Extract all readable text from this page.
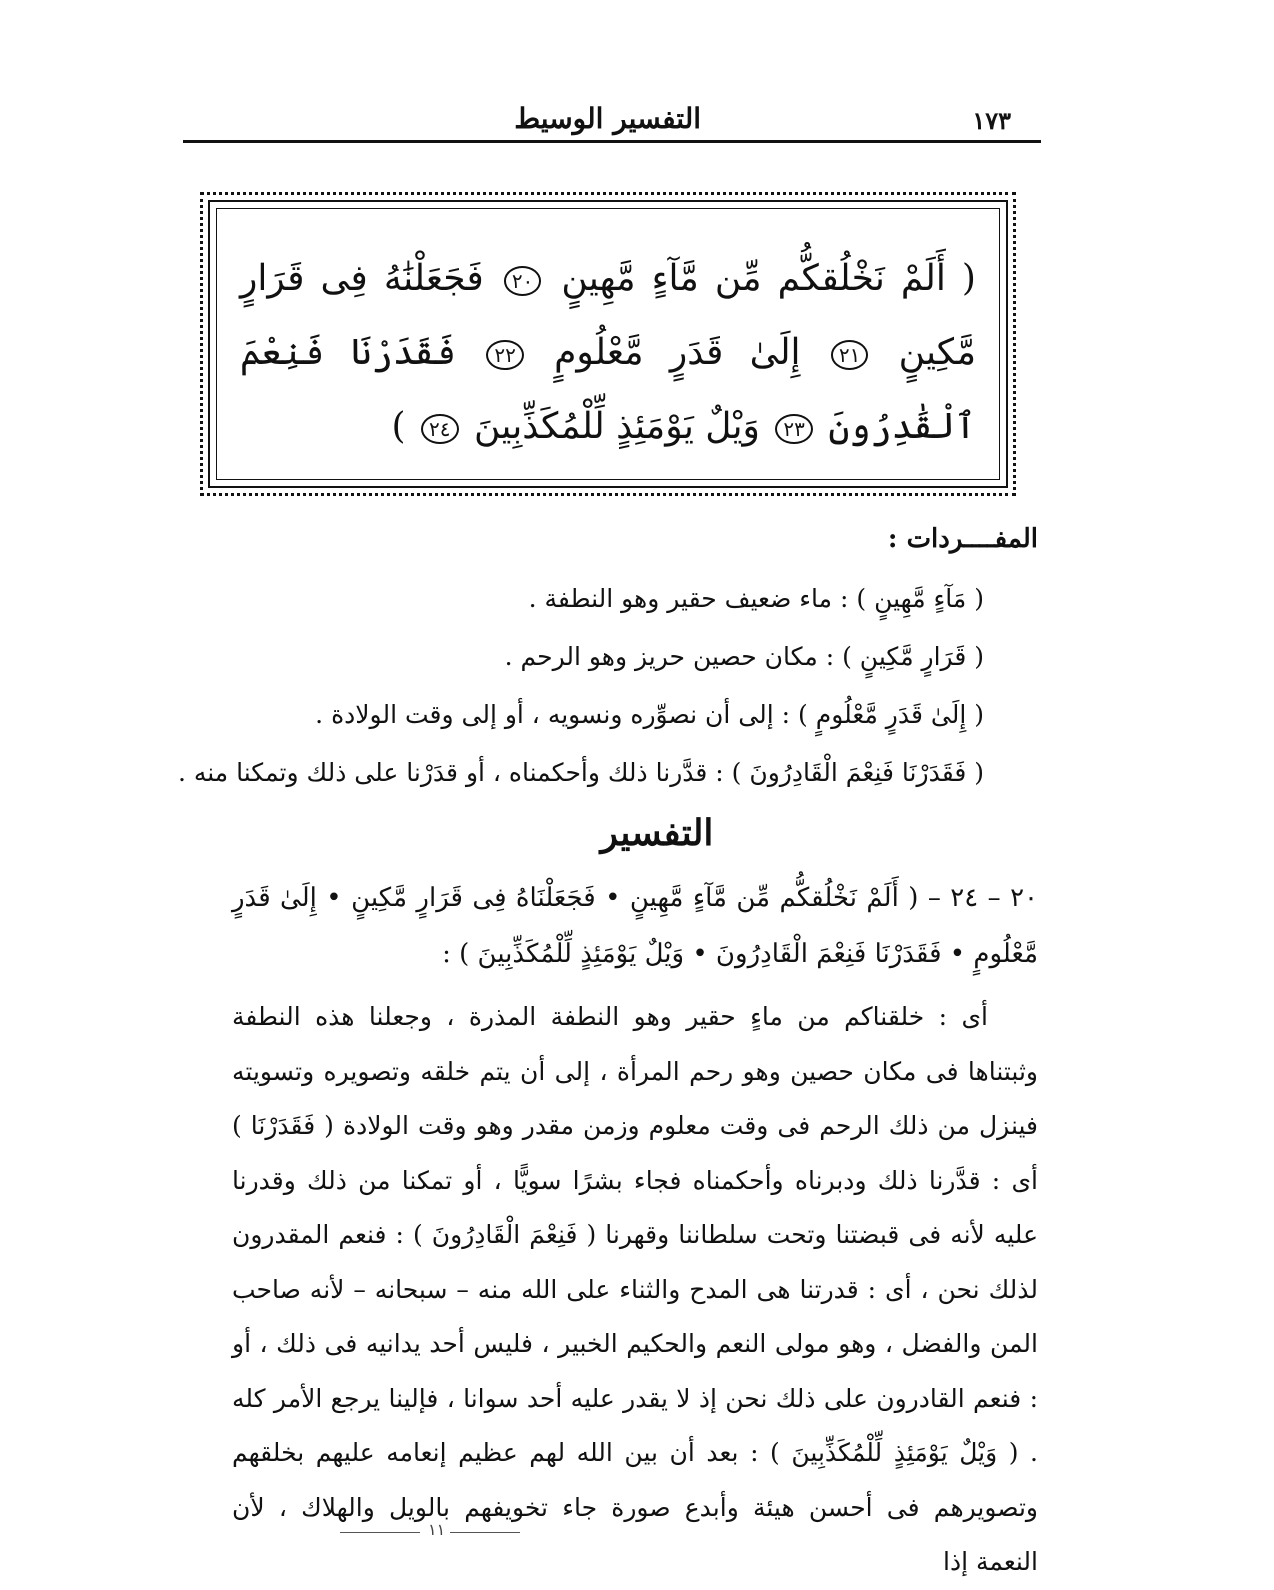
١٧٣
التفسير الوسيط
( أَلَمْ نَخْلُقكُّم مِّن مَّآءٍ مَّهِينٍ ٢٠ فَجَعَلْنَٰهُ فِى قَرَارٍ مَّكِينٍ ٢١ إِلَىٰ قَدَرٍ مَّعْلُومٍ ٢٢ فَقَدَرْنَا فَنِعْمَ ٱلْقَٰدِرُونَ ٢٣ وَيْلٌ يَوْمَئِذٍ لِّلْمُكَذِّبِينَ ٢٤ )
المفــــردات :
( مَآءٍ مَّهِينٍ ) : ماء ضعيف حقير وهو النطفة .
( قَرَارٍ مَّكِينٍ ) : مكان حصين حريز وهو الرحم .
( إِلَىٰ قَدَرٍ مَّعْلُومٍ ) : إلى أن نصوِّره ونسويه ، أو إلى وقت الولادة .
( فَقَدَرْنَا فَنِعْمَ الْقَادِرُونَ ) : قدَّرنا ذلك وأحكمناه ، أو قدَرْنا على ذلك وتمكنا منه .
التفسير

٢٠ – ٢٤ – ( أَلَمْ نَخْلُقكُّم مِّن مَّآءٍ مَّهِينٍ • فَجَعَلْنَاهُ فِى قَرَارٍ مَّكِينٍ • إِلَىٰ قَدَرٍ مَّعْلُومٍ • فَقَدَرْنَا فَنِعْمَ الْقَادِرُونَ • وَيْلٌ يَوْمَئِذٍ لِّلْمُكَذِّبِينَ ) :

أى : خلقناكم من ماءٍ حقير وهو النطفة المذرة ، وجعلنا هذه النطفة وثبتناها فى مكان حصين وهو رحم المرأة ، إلى أن يتم خلقه وتصويره وتسويته فينزل من ذلك الرحم فى وقت معلوم وزمن مقدر وهو وقت الولادة ( فَقَدَرْنَا ) أى : قدَّرنا ذلك ودبرناه وأحكمناه فجاء بشرًا سويًّا ، أو تمكنا من ذلك وقدرنا عليه لأنه فى قبضتنا وتحت سلطاننا وقهرنا ( فَنِعْمَ الْقَادِرُونَ ) : فنعم المقدرون لذلك نحن ، أى : قدرتنا هى المدح والثناء على الله منه – سبحانه – لأنه صاحب المن والفضل ، وهو مولى النعم والحكيم الخبير ، فليس أحد يدانيه فى ذلك ، أو : فنعم القادرون على ذلك نحن إذ لا يقدر عليه أحد سوانا ، فإلينا يرجع الأمر كله . ( وَيْلٌ يَوْمَئِذٍ لِّلْمُكَذِّبِينَ ) : بعد أن بين الله لهم عظيم إنعامه عليهم بخلقهم وتصويرهم فى أحسن هيئة وأبدع صورة جاء تخويفهم بالويل والهلاك ، لأن النعمة إذا

١١
